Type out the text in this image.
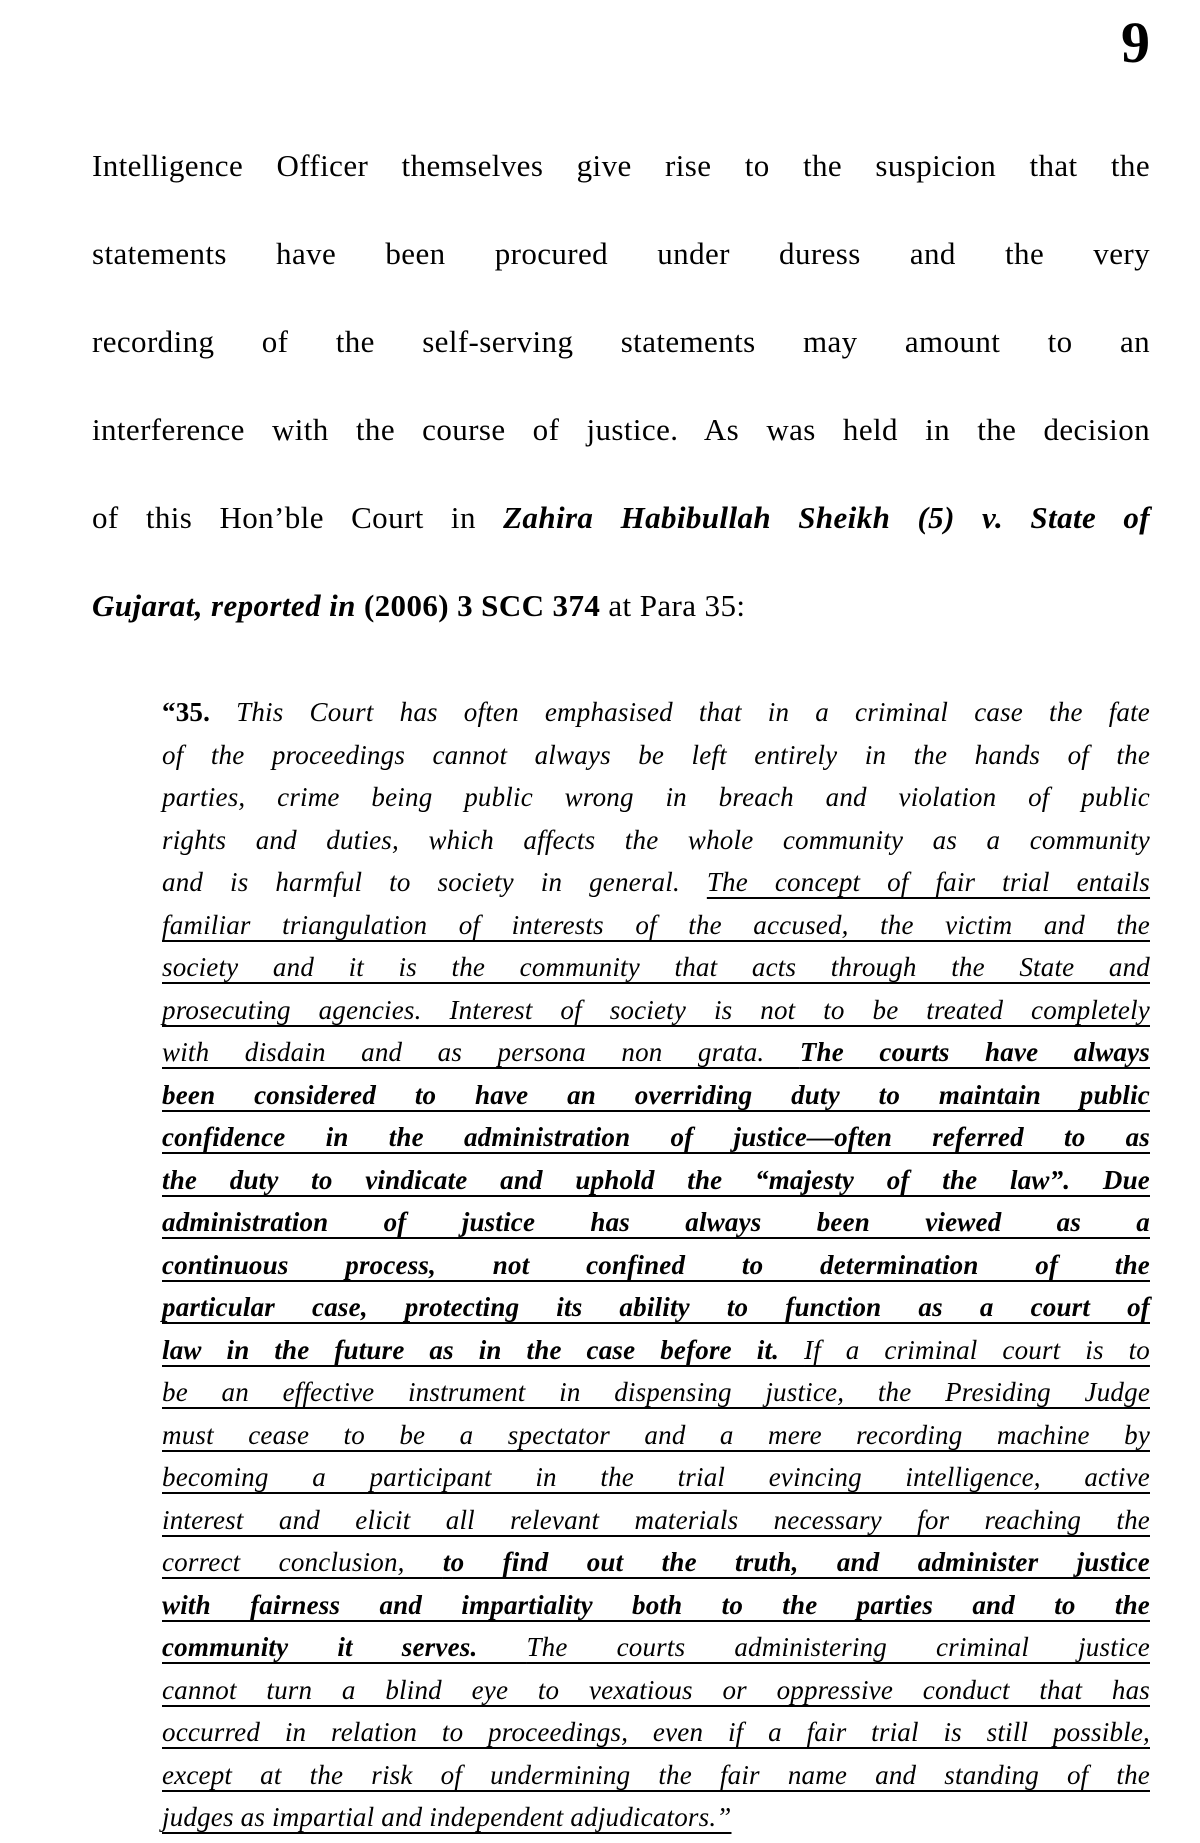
9
Intelligence Officer themselves give rise to the suspicion that the
statements have been procured under duress and the very
recording of the self-serving statements may amount to an
interference with the course of justice. As was held in the decision
of this Hon’ble Court in Zahira Habibullah Sheikh (5) v. State of
Gujarat, reported in (2006) 3 SCC 374 at Para 35:
“35. This Court has often emphasised that in a criminal case the fate
of the proceedings cannot always be left entirely in the hands of the
parties, crime being public wrong in breach and violation of public
rights and duties, which affects the whole community as a community
and is harmful to society in general. The concept of fair trial entails
familiar triangulation of interests of the accused, the victim and the
society and it is the community that acts through the State and
prosecuting agencies. Interest of society is not to be treated completely
with disdain and as persona non grata. The courts have always
been considered to have an overriding duty to maintain public
confidence in the administration of justice—often referred to as
the duty to vindicate and uphold the “majesty of the law”. Due
administration of justice has always been viewed as a
continuous process, not confined to determination of the
particular case, protecting its ability to function as a court of
law in the future as in the case before it. If a criminal court is to
be an effective instrument in dispensing justice, the Presiding Judge
must cease to be a spectator and a mere recording machine by
becoming a participant in the trial evincing intelligence, active
interest and elicit all relevant materials necessary for reaching the
correct conclusion, to find out the truth, and administer justice
with fairness and impartiality both to the parties and to the
community it serves. The courts administering criminal justice
cannot turn a blind eye to vexatious or oppressive conduct that has
occurred in relation to proceedings, even if a fair trial is still possible,
except at the risk of undermining the fair name and standing of the
judges as impartial and independent adjudicators.”
